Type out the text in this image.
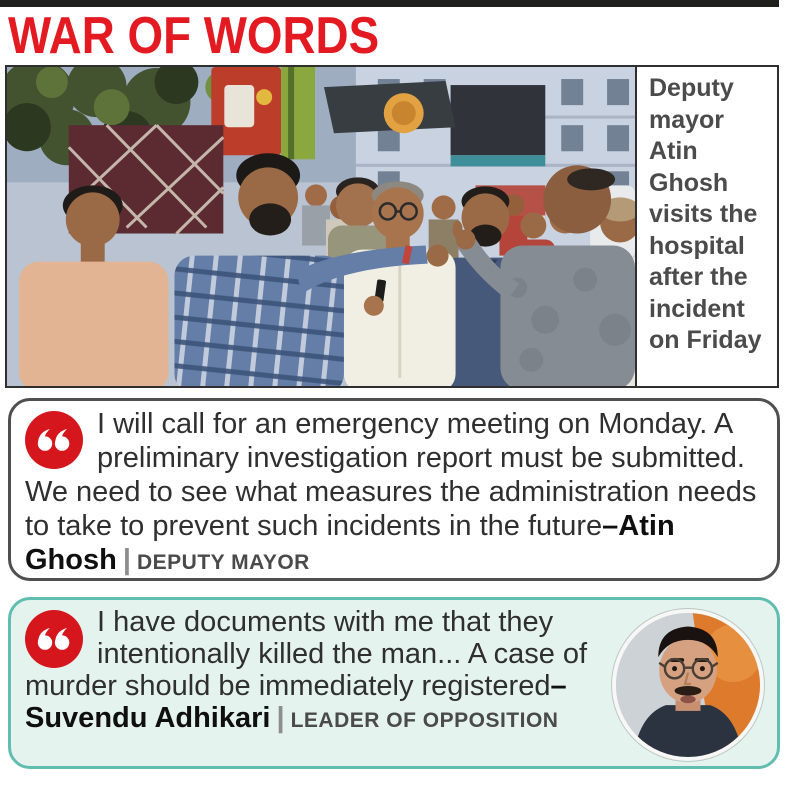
WAR OF WORDS
Deputy mayor Atin Ghosh visits the hospital after the incident on Friday

I will call for an emergency meeting on Monday. A preliminary investigation report must be submitted. We need to see what measures the administration needs to take to prevent such incidents in the future–Atin Ghosh | DEPUTY MAYOR

I have documents with me that they intentionally killed the man... A case of murder should be immediately registered–Suvendu Adhikari | LEADER OF OPPOSITION
